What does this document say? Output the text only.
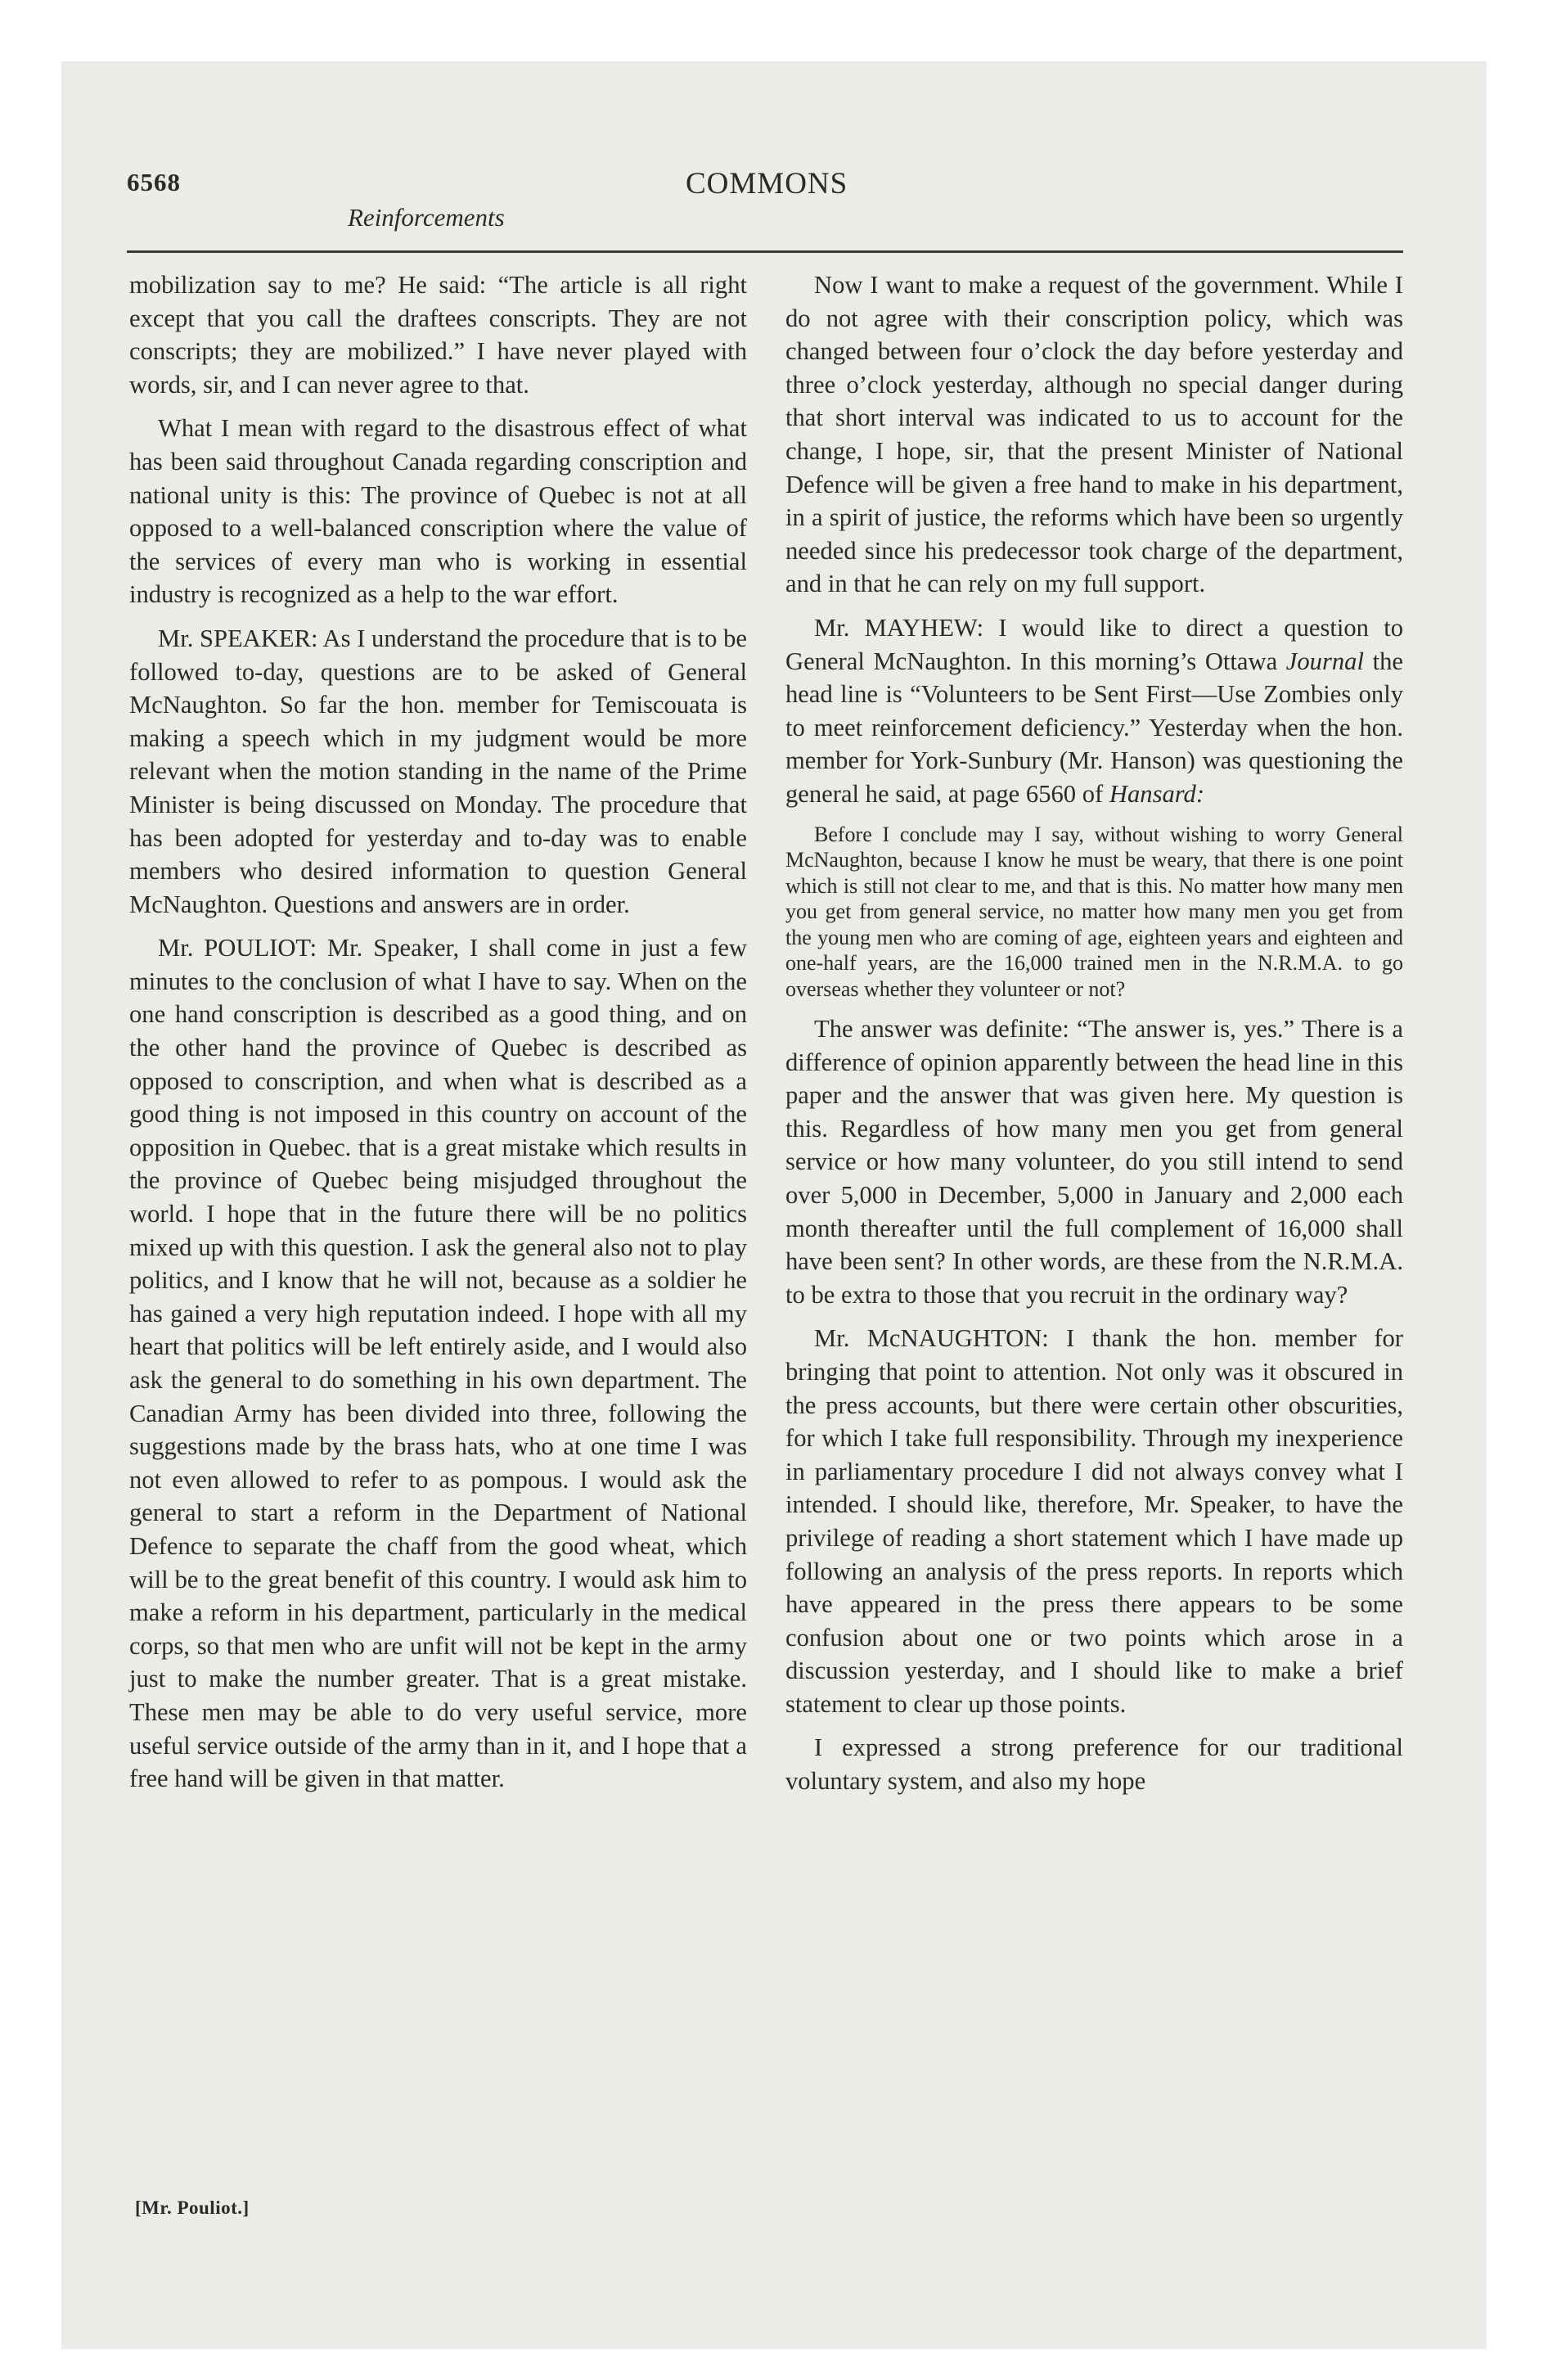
6568	COMMONS
Reinforcements

mobilization say to me? He said: “The article is all right except that you call the draftees conscripts. They are not conscripts; they are mobilized.” I have never played with words, sir, and I can never agree to that.

What I mean with regard to the disastrous effect of what has been said throughout Canada regarding conscription and national unity is this: The province of Quebec is not at all opposed to a well-balanced conscription where the value of the services of every man who is working in essential industry is recognized as a help to the war effort.

Mr. SPEAKER: As I understand the procedure that is to be followed to-day, questions are to be asked of General McNaughton. So far the hon. member for Temiscouata is making a speech which in my judgment would be more relevant when the motion standing in the name of the Prime Minister is being discussed on Monday. The procedure that has been adopted for yesterday and to-day was to enable members who desired information to question General McNaughton. Questions and answers are in order.

Mr. POULIOT: Mr. Speaker, I shall come in just a few minutes to the conclusion of what I have to say. When on the one hand conscription is described as a good thing, and on the other hand the province of Quebec is described as opposed to conscription, and when what is described as a good thing is not imposed in this country on account of the opposition in Quebec. that is a great mistake which results in the province of Quebec being misjudged throughout the world. I hope that in the future there will be no politics mixed up with this question. I ask the general also not to play politics, and I know that he will not, because as a soldier he has gained a very high reputation indeed. I hope with all my heart that politics will be left entirely aside, and I would also ask the general to do something in his own department. The Canadian Army has been divided into three, following the suggestions made by the brass hats, who at one time I was not even allowed to refer to as pompous. I would ask the general to start a reform in the Department of National Defence to separate the chaff from the good wheat, which will be to the great benefit of this country. I would ask him to make a reform in his department, particularly in the medical corps, so that men who are unfit will not be kept in the army just to make the number greater. That is a great mistake. These men may be able to do very useful service, more useful service outside of the army than in it, and I hope that a free hand will be given in that matter.

Now I want to make a request of the government. While I do not agree with their conscription policy, which was changed between four o’clock the day before yesterday and three o’clock yesterday, although no special danger during that short interval was indicated to us to account for the change, I hope, sir, that the present Minister of National Defence will be given a free hand to make in his department, in a spirit of justice, the reforms which have been so urgently needed since his predecessor took charge of the department, and in that he can rely on my full support.

Mr. MAYHEW: I would like to direct a question to General McNaughton. In this morning’s Ottawa Journal the head line is “Volunteers to be Sent First—Use Zombies only to meet reinforcement deficiency.” Yesterday when the hon. member for York-Sunbury (Mr. Hanson) was questioning the general he said, at page 6560 of Hansard:

Before I conclude may I say, without wishing to worry General McNaughton, because I know he must be weary, that there is one point which is still not clear to me, and that is this. No matter how many men you get from general service, no matter how many men you get from the young men who are coming of age, eighteen years and eighteen and one-half years, are the 16,000 trained men in the N.R.M.A. to go overseas whether they volunteer or not?

The answer was definite: “The answer is, yes.” There is a difference of opinion apparently between the head line in this paper and the answer that was given here. My question is this. Regardless of how many men you get from general service or how many volunteer, do you still intend to send over 5,000 in December, 5,000 in January and 2,000 each month thereafter until the full complement of 16,000 shall have been sent? In other words, are these from the N.R.M.A. to be extra to those that you recruit in the ordinary way?

Mr. McNAUGHTON: I thank the hon. member for bringing that point to attention. Not only was it obscured in the press accounts, but there were certain other obscurities, for which I take full responsibility. Through my inexperience in parliamentary procedure I did not always convey what I intended. I should like, therefore, Mr. Speaker, to have the privilege of reading a short statement which I have made up following an analysis of the press reports. In reports which have appeared in the press there appears to be some confusion about one or two points which arose in a discussion yesterday, and I should like to make a brief statement to clear up those points.

I expressed a strong preference for our traditional voluntary system, and also my hope

[Mr. Pouliot.]
